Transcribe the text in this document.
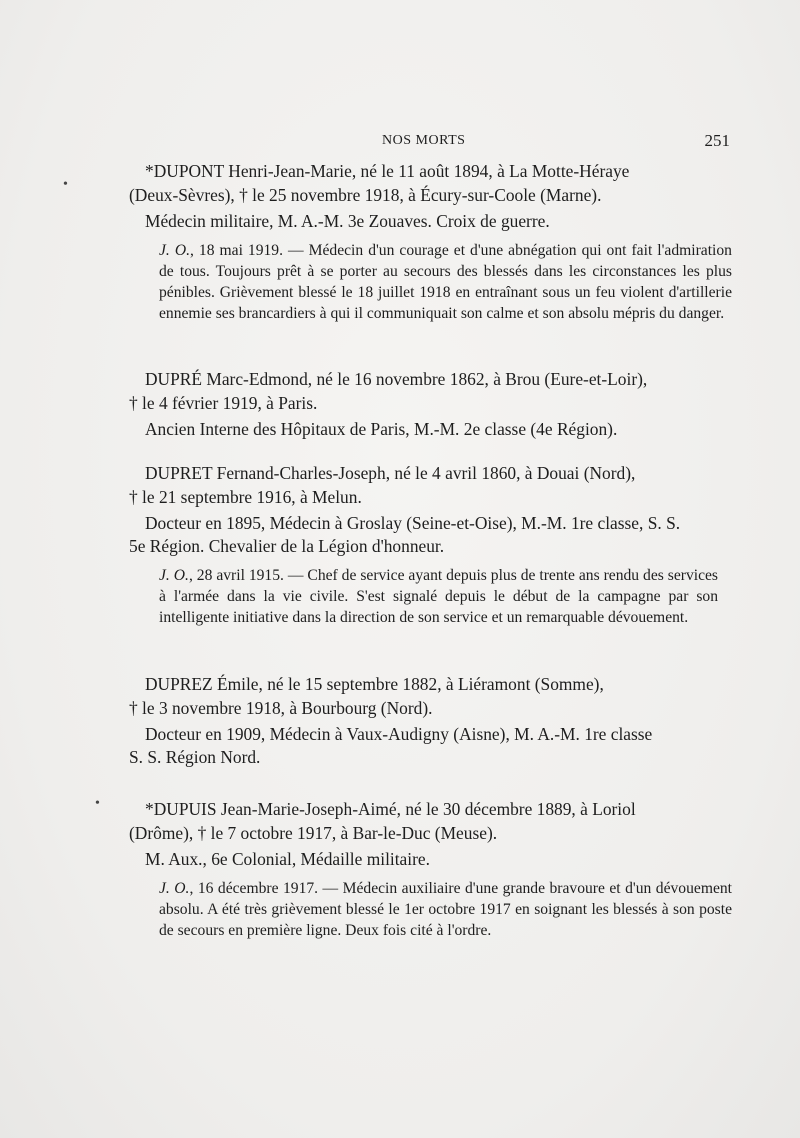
NOS MORTS	251
•
•

*DUPONT Henri-Jean-Marie, né le 11 août 1894, à La Motte-Héraye

(Deux-Sèvres), † le 25 novembre 1918, à Écury-sur-Coole (Marne).

Médecin militaire, M. A.-M. 3e Zouaves. Croix de guerre.

J. O., 18 mai 1919. — Médecin d'un courage et d'une abnégation qui ont fait l'admiration de tous. Toujours prêt à se porter au secours des blessés dans les circonstances les plus pénibles. Grièvement blessé le 18 juillet 1918 en entraînant sous un feu violent d'artillerie ennemie ses brancardiers à qui il communiquait son calme et son absolu mépris du danger.

DUPRÉ Marc-Edmond, né le 16 novembre 1862, à Brou (Eure-et-Loir),

† le 4 février 1919, à Paris.

Ancien Interne des Hôpitaux de Paris, M.-M. 2e classe (4e Région).

DUPRET Fernand-Charles-Joseph, né le 4 avril 1860, à Douai (Nord),

† le 21 septembre 1916, à Melun.

Docteur en 1895, Médecin à Groslay (Seine-et-Oise), M.-M. 1re classe, S. S.
5e Région. Chevalier de la Légion d'honneur.

J. O., 28 avril 1915. — Chef de service ayant depuis plus de trente ans rendu des services à l'armée dans la vie civile. S'est signalé depuis le début de la campagne par son intelligente initiative dans la direction de son service et un remarquable dévouement.

DUPREZ Émile, né le 15 septembre 1882, à Liéramont (Somme),

† le 3 novembre 1918, à Bourbourg (Nord).

Docteur en 1909, Médecin à Vaux-Audigny (Aisne), M. A.-M. 1re classe
S. S. Région Nord.

*DUPUIS Jean-Marie-Joseph-Aimé, né le 30 décembre 1889, à Loriol

(Drôme), † le 7 octobre 1917, à Bar-le-Duc (Meuse).

M. Aux., 6e Colonial, Médaille militaire.

J. O., 16 décembre 1917. — Médecin auxiliaire d'une grande bravoure et d'un dévouement absolu. A été très grièvement blessé le 1er octobre 1917 en soignant les blessés à son poste de secours en première ligne. Deux fois cité à l'ordre.
